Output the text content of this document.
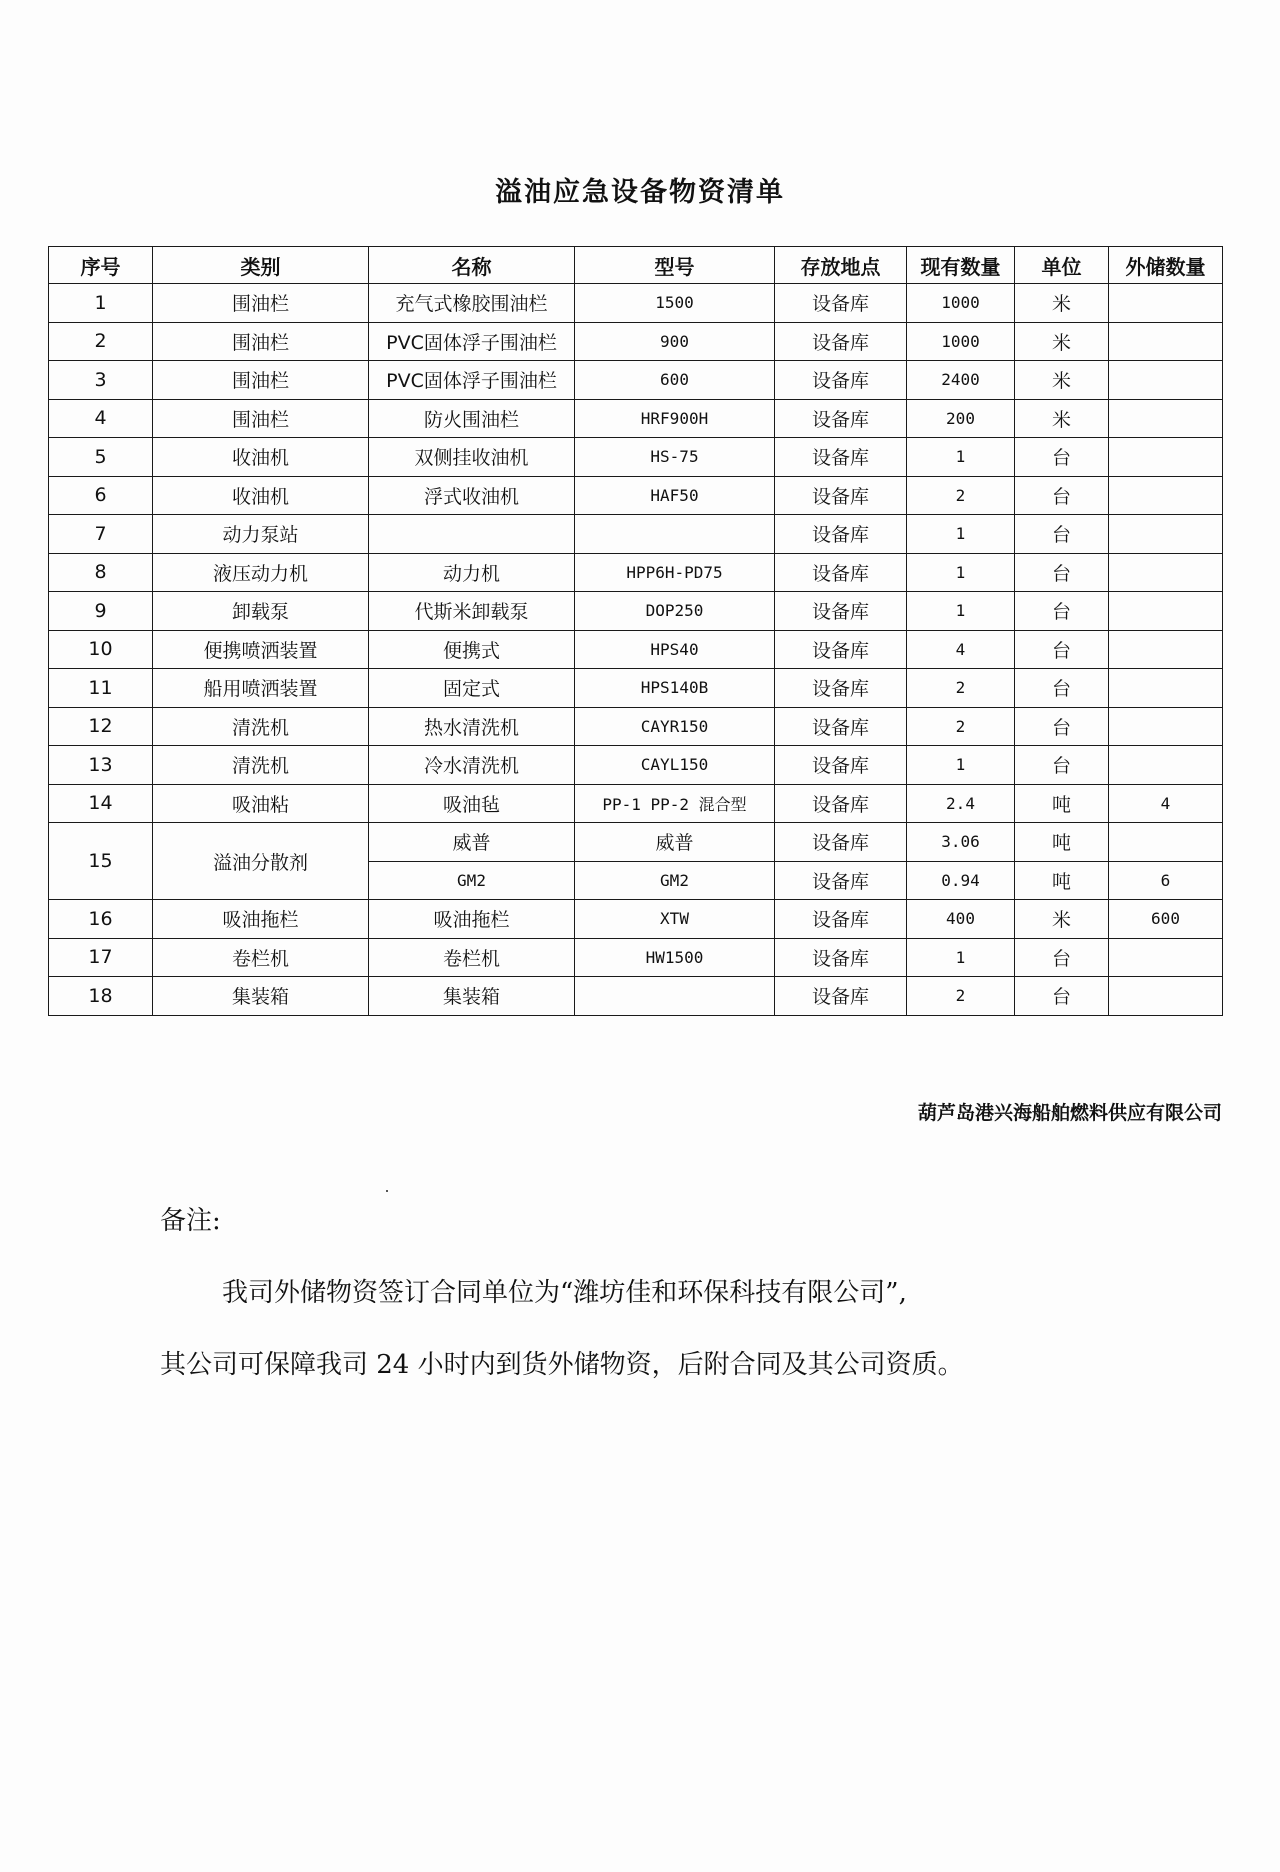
溢油应急设备物资清单
序号	类别	名称	型号	存放地点	现有数量	单位	外储数量
1	围油栏	充气式橡胶围油栏	1500	设备库	1000	米	
2	围油栏	PVC固体浮子围油栏	900	设备库	1000	米	
3	围油栏	PVC固体浮子围油栏	600	设备库	2400	米	
4	围油栏	防火围油栏	HRF900H	设备库	200	米	
5	收油机	双侧挂收油机	HS-75	设备库	1	台	
6	收油机	浮式收油机	HAF50	设备库	2	台	
7	动力泵站			设备库	1	台	
8	液压动力机	动力机	HPP6H-PD75	设备库	1	台	
9	卸载泵	代斯米卸载泵	DOP250	设备库	1	台	
10	便携喷洒装置	便携式	HPS40	设备库	4	台	
11	船用喷洒装置	固定式	HPS140B	设备库	2	台	
12	清洗机	热水清洗机	CAYR150	设备库	2	台	
13	清洗机	冷水清洗机	CAYL150	设备库	1	台	
14	吸油粘	吸油毡	PP-1 PP-2 混合型	设备库	2.4	吨	4
15	溢油分散剂	威普	威普	设备库	3.06	吨	
		GM2	GM2	设备库	0.94	吨	6
16	吸油拖栏	吸油拖栏	XTW	设备库	400	米	600
17	卷栏机	卷栏机	HW1500	设备库	1	台	
18	集装箱	集装箱		设备库	2	台	
葫芦岛港兴海船舶燃料供应有限公司
备注:
我司外储物资签订合同单位为“潍坊佳和环保科技有限公司”,
其公司可保障我司 24 小时内到货外储物资，后附合同及其公司资质。
